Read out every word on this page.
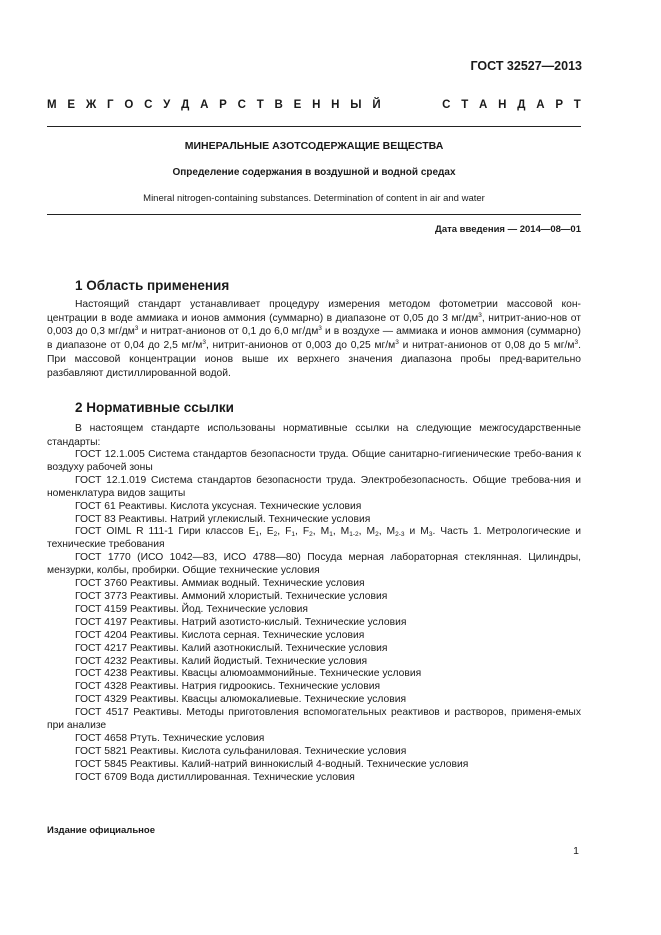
ГОСТ 32527—2013
М Е Ж Г О С У Д А Р С Т В Е Н Н Ы Й	С Т А Н Д А Р Т
МИНЕРАЛЬНЫЕ АЗОТСОДЕРЖАЩИЕ ВЕЩЕСТВА
Определение содержания в воздушной и водной средах
Mineral nitrogen-containing substances. Determination of content in air and water
Дата введения — 2014—08—01
1 Область применения

Настоящий стандарт устанавливает процедуру измерения методом фотометрии массовой кон-центрации в воде аммиака и ионов аммония (суммарно) в диапазоне от 0,05 до 3 $мг/дм^3$, нитрит-анио-нов от 0,003 до 0,3 $мг/дм^3$ и нитрат-анионов от 0,1 до 6,0 $мг/дм^3$ и в воздухе — аммиака и ионов аммония (суммарно) в диапазоне от 0,04 до 2,5 $мг/м^3$, нитрит-анионов от 0,003 до 0,25 $мг/м^3$ и нитрат-анионов от 0,08 до 5 $мг/м^3$. При массовой концентрации ионов выше их верхнего значения диапазона пробы пред-варительно разбавляют дистиллированной водой.

2 Нормативные ссылки

В настоящем стандарте использованы нормативные ссылки на следующие межгосударственные стандарты:

ГОСТ 12.1.005 Система стандартов безопасности труда. Общие санитарно-гигиенические требо-вания к воздуху рабочей зоны
ГОСТ 12.1.019 Система стандартов безопасности труда. Электробезопасность. Общие требова-ния и номенклатура видов защиты
ГОСТ 61 Реактивы. Кислота уксусная. Технические условия
ГОСТ 83 Реактивы. Натрий углекислый. Технические условия
ГОСТ OIML R 111-1 Гири классов $E_1$, $E_2$, $F_1$, $F_2$, $M_1$, $M_{1-2}$, $M_2$, $M_{2-3}$ и $M_3$. Часть 1. Метрологические и технические требования
ГОСТ 1770 (ИСО 1042—83, ИСО 4788—80) Посуда мерная лабораторная стеклянная. Цилиндры, мензурки, колбы, пробирки. Общие технические условия
ГОСТ 3760 Реактивы. Аммиак водный. Технические условия
ГОСТ 3773 Реактивы. Аммоний хлористый. Технические условия
ГОСТ 4159 Реактивы. Йод. Технические условия
ГОСТ 4197 Реактивы. Натрий азотисто-кислый. Технические условия
ГОСТ 4204 Реактивы. Кислота серная. Технические условия
ГОСТ 4217 Реактивы. Калий азотнокислый. Технические условия
ГОСТ 4232 Реактивы. Калий йодистый. Технические условия
ГОСТ 4238 Реактивы. Квасцы алюмоаммонийные. Технические условия
ГОСТ 4328 Реактивы. Натрия гидроокись. Технические условия
ГОСТ 4329 Реактивы. Квасцы алюмокалиевые. Технические условия
ГОСТ 4517 Реактивы. Методы приготовления вспомогательных реактивов и растворов, применя-емых при анализе
ГОСТ 4658 Ртуть. Технические условия
ГОСТ 5821 Реактивы. Кислота сульфаниловая. Технические условия
ГОСТ 5845 Реактивы. Калий-натрий виннокислый 4-водный. Технические условия
ГОСТ 6709 Вода дистиллированная. Технические условия
Издание официальное
1
